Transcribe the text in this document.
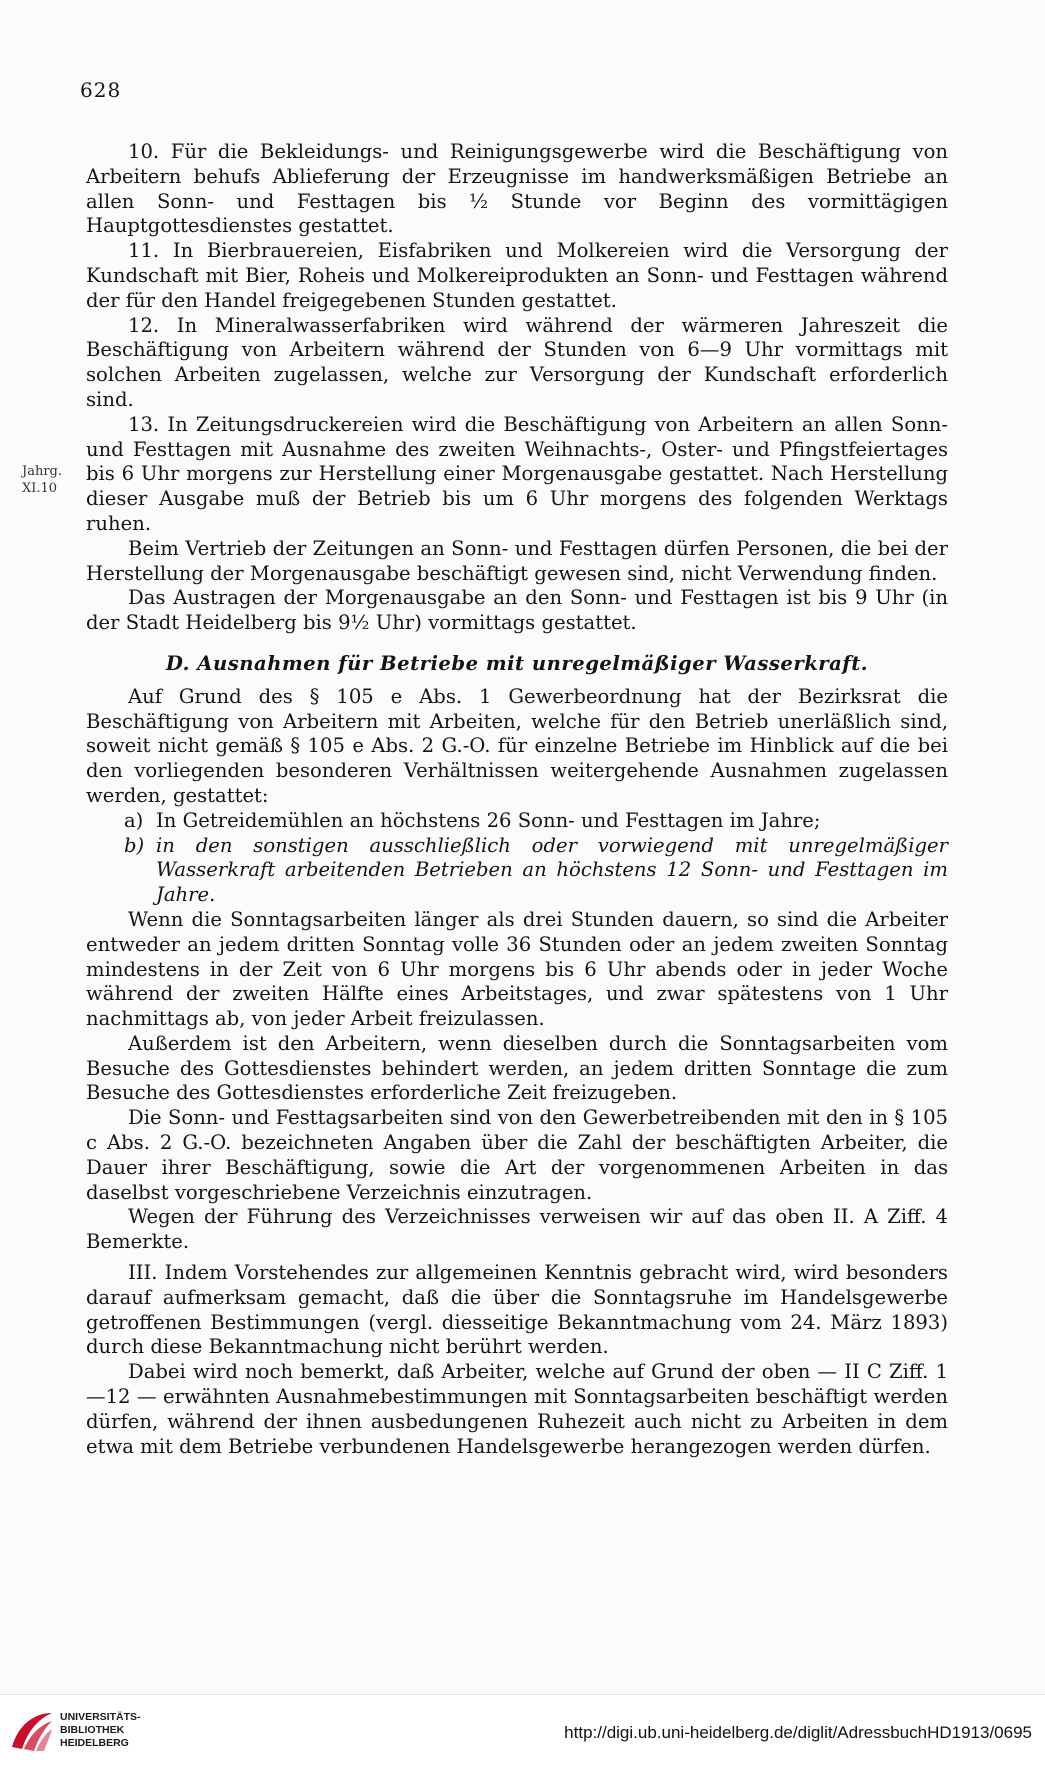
628
Jahrg. XI.10

10. Für die Bekleidungs- und Reinigungsgewerbe wird die Beschäftigung von Arbeitern behufs Ablieferung der Erzeugnisse im handwerksmäßigen Betriebe an allen Sonn- und Festtagen bis ½ Stunde vor Beginn des vormittägigen Hauptgottesdienstes gestattet.

11. In Bierbrauereien, Eisfabriken und Molkereien wird die Versorgung der Kundschaft mit Bier, Roheis und Molkereiprodukten an Sonn- und Festtagen während der für den Handel freigegebenen Stunden gestattet.

12. In Mineralwasserfabriken wird während der wärmeren Jahreszeit die Beschäftigung von Arbeitern während der Stunden von 6—9 Uhr vormittags mit solchen Arbeiten zugelassen, welche zur Versorgung der Kundschaft erforderlich sind.

13. In Zeitungsdruckereien wird die Beschäftigung von Arbeitern an allen Sonn- und Festtagen mit Ausnahme des zweiten Weihnachts-, Oster- und Pfingstfeiertages bis 6 Uhr morgens zur Herstellung einer Morgenausgabe gestattet. Nach Herstellung dieser Ausgabe muß der Betrieb bis um 6 Uhr morgens des folgenden Werktags ruhen.

Beim Vertrieb der Zeitungen an Sonn- und Festtagen dürfen Personen, die bei der Herstellung der Morgenausgabe beschäftigt gewesen sind, nicht Verwendung finden.

Das Austragen der Morgenausgabe an den Sonn- und Festtagen ist bis 9 Uhr (in der Stadt Heidelberg bis 9½ Uhr) vormittags gestattet.

D. Ausnahmen für Betriebe mit unregelmäßiger Wasserkraft.

Auf Grund des § 105 e Abs. 1 Gewerbeordnung hat der Bezirksrat die Beschäftigung von Arbeitern mit Arbeiten, welche für den Betrieb unerläßlich sind, soweit nicht gemäß § 105 e Abs. 2 G.-O. für einzelne Betriebe im Hinblick auf die bei den vorliegenden besonderen Verhältnissen weitergehende Ausnahmen zugelassen werden, gestattet:

a) In Getreidemühlen an höchstens 26 Sonn- und Festtagen im Jahre;

b) in den sonstigen ausschließlich oder vorwiegend mit unregelmäßiger Wasserkraft arbeitenden Betrieben an höchstens 12 Sonn- und Festtagen im Jahre.

Wenn die Sonntagsarbeiten länger als drei Stunden dauern, so sind die Arbeiter entweder an jedem dritten Sonntag volle 36 Stunden oder an jedem zweiten Sonntag mindestens in der Zeit von 6 Uhr morgens bis 6 Uhr abends oder in jeder Woche während der zweiten Hälfte eines Arbeitstages, und zwar spätestens von 1 Uhr nachmittags ab, von jeder Arbeit freizulassen.

Außerdem ist den Arbeitern, wenn dieselben durch die Sonntagsarbeiten vom Besuche des Gottesdienstes behindert werden, an jedem dritten Sonntage die zum Besuche des Gottesdienstes erforderliche Zeit freizugeben.

Die Sonn- und Festtagsarbeiten sind von den Gewerbetreibenden mit den in § 105 c Abs. 2 G.-O. bezeichneten Angaben über die Zahl der beschäftigten Arbeiter, die Dauer ihrer Beschäftigung, sowie die Art der vorgenommenen Arbeiten in das daselbst vorgeschriebene Verzeichnis einzutragen.

Wegen der Führung des Verzeichnisses verweisen wir auf das oben II. A Ziff. 4 Bemerkte.

III. Indem Vorstehendes zur allgemeinen Kenntnis gebracht wird, wird besonders darauf aufmerksam gemacht, daß die über die Sonntagsruhe im Handelsgewerbe getroffenen Bestimmungen (vergl. diesseitige Bekanntmachung vom 24. März 1893) durch diese Bekanntmachung nicht berührt werden.

Dabei wird noch bemerkt, daß Arbeiter, welche auf Grund der oben — II C Ziff. 1—12 — erwähnten Ausnahmebestimmungen mit Sonntagsarbeiten beschäftigt werden dürfen, während der ihnen ausbedungenen Ruhezeit auch nicht zu Arbeiten in dem etwa mit dem Betriebe verbundenen Handelsgewerbe herangezogen werden dürfen.

UNIVERSITÄTS-
BIBLIOTHEK
HEIDELBERG
http://digi.ub.uni-heidelberg.de/diglit/AdressbuchHD1913/0695
